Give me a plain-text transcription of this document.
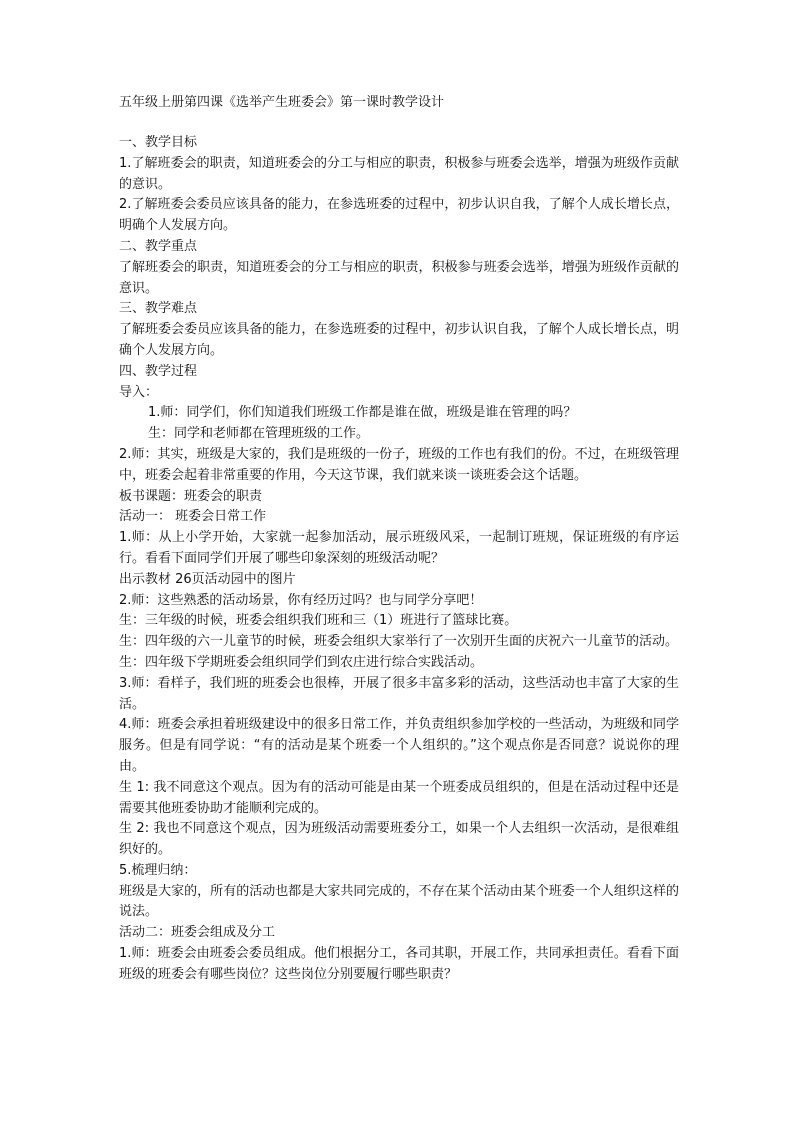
五年级上册第四课《选举产生班委会》第一课时教学设计

一、教学目标

1.了解班委会的职责，知道班委会的分工与相应的职责，积极参与班委会选举，增强为班级作贡献的意识。

2.了解班委会委员应该具备的能力，在参选班委的过程中，初步认识自我，了解个人成长增长点，明确个人发展方向。

二、教学重点

了解班委会的职责，知道班委会的分工与相应的职责，积极参与班委会选举，增强为班级作贡献的意识。

三、教学难点

了解班委会委员应该具备的能力，在参选班委的过程中，初步认识自我，了解个人成长增长点，明确个人发展方向。

四、教学过程

导入：

1.师：同学们，你们知道我们班级工作都是谁在做，班级是谁在管理的吗？

生：同学和老师都在管理班级的工作。

2.师：其实，班级是大家的，我们是班级的一份子，班级的工作也有我们的份。不过，在班级管理中，班委会起着非常重要的作用，今天这节课，我们就来谈一谈班委会这个话题。

板书课题：班委会的职责

活动一： 班委会日常工作

1.师：从上小学开始，大家就一起参加活动，展示班级风采，一起制订班规，保证班级的有序运行。看看下面同学们开展了哪些印象深刻的班级活动呢？

出示教材 26页活动园中的图片

2.师：这些熟悉的活动场景，你有经历过吗？也与同学分享吧！

生：三年级的时候，班委会组织我们班和三（1）班进行了篮球比赛。

生：四年级的六一儿童节的时候，班委会组织大家举行了一次别开生面的庆祝六一儿童节的活动。

生：四年级下学期班委会组织同学们到农庄进行综合实践活动。

3.师：看样子，我们班的班委会也很棒，开展了很多丰富多彩的活动，这些活动也丰富了大家的生活。

4.师：班委会承担着班级建设中的很多日常工作，并负责组织参加学校的一些活动，为班级和同学服务。但是有同学说：“有的活动是某个班委一个人组织的。”这个观点你是否同意？说说你的理由。

生 1: 我不同意这个观点。因为有的活动可能是由某一个班委成员组织的，但是在活动过程中还是需要其他班委协助才能顺利完成的。

生 2: 我也不同意这个观点，因为班级活动需要班委分工，如果一个人去组织一次活动，是很难组织好的。

5.梳理归纳：

班级是大家的，所有的活动也都是大家共同完成的，不存在某个活动由某个班委一个人组织这样的说法。

活动二：班委会组成及分工

1.师：班委会由班委会委员组成。他们根据分工，各司其职，开展工作，共同承担责任。看看下面班级的班委会有哪些岗位？这些岗位分别要履行哪些职责？
